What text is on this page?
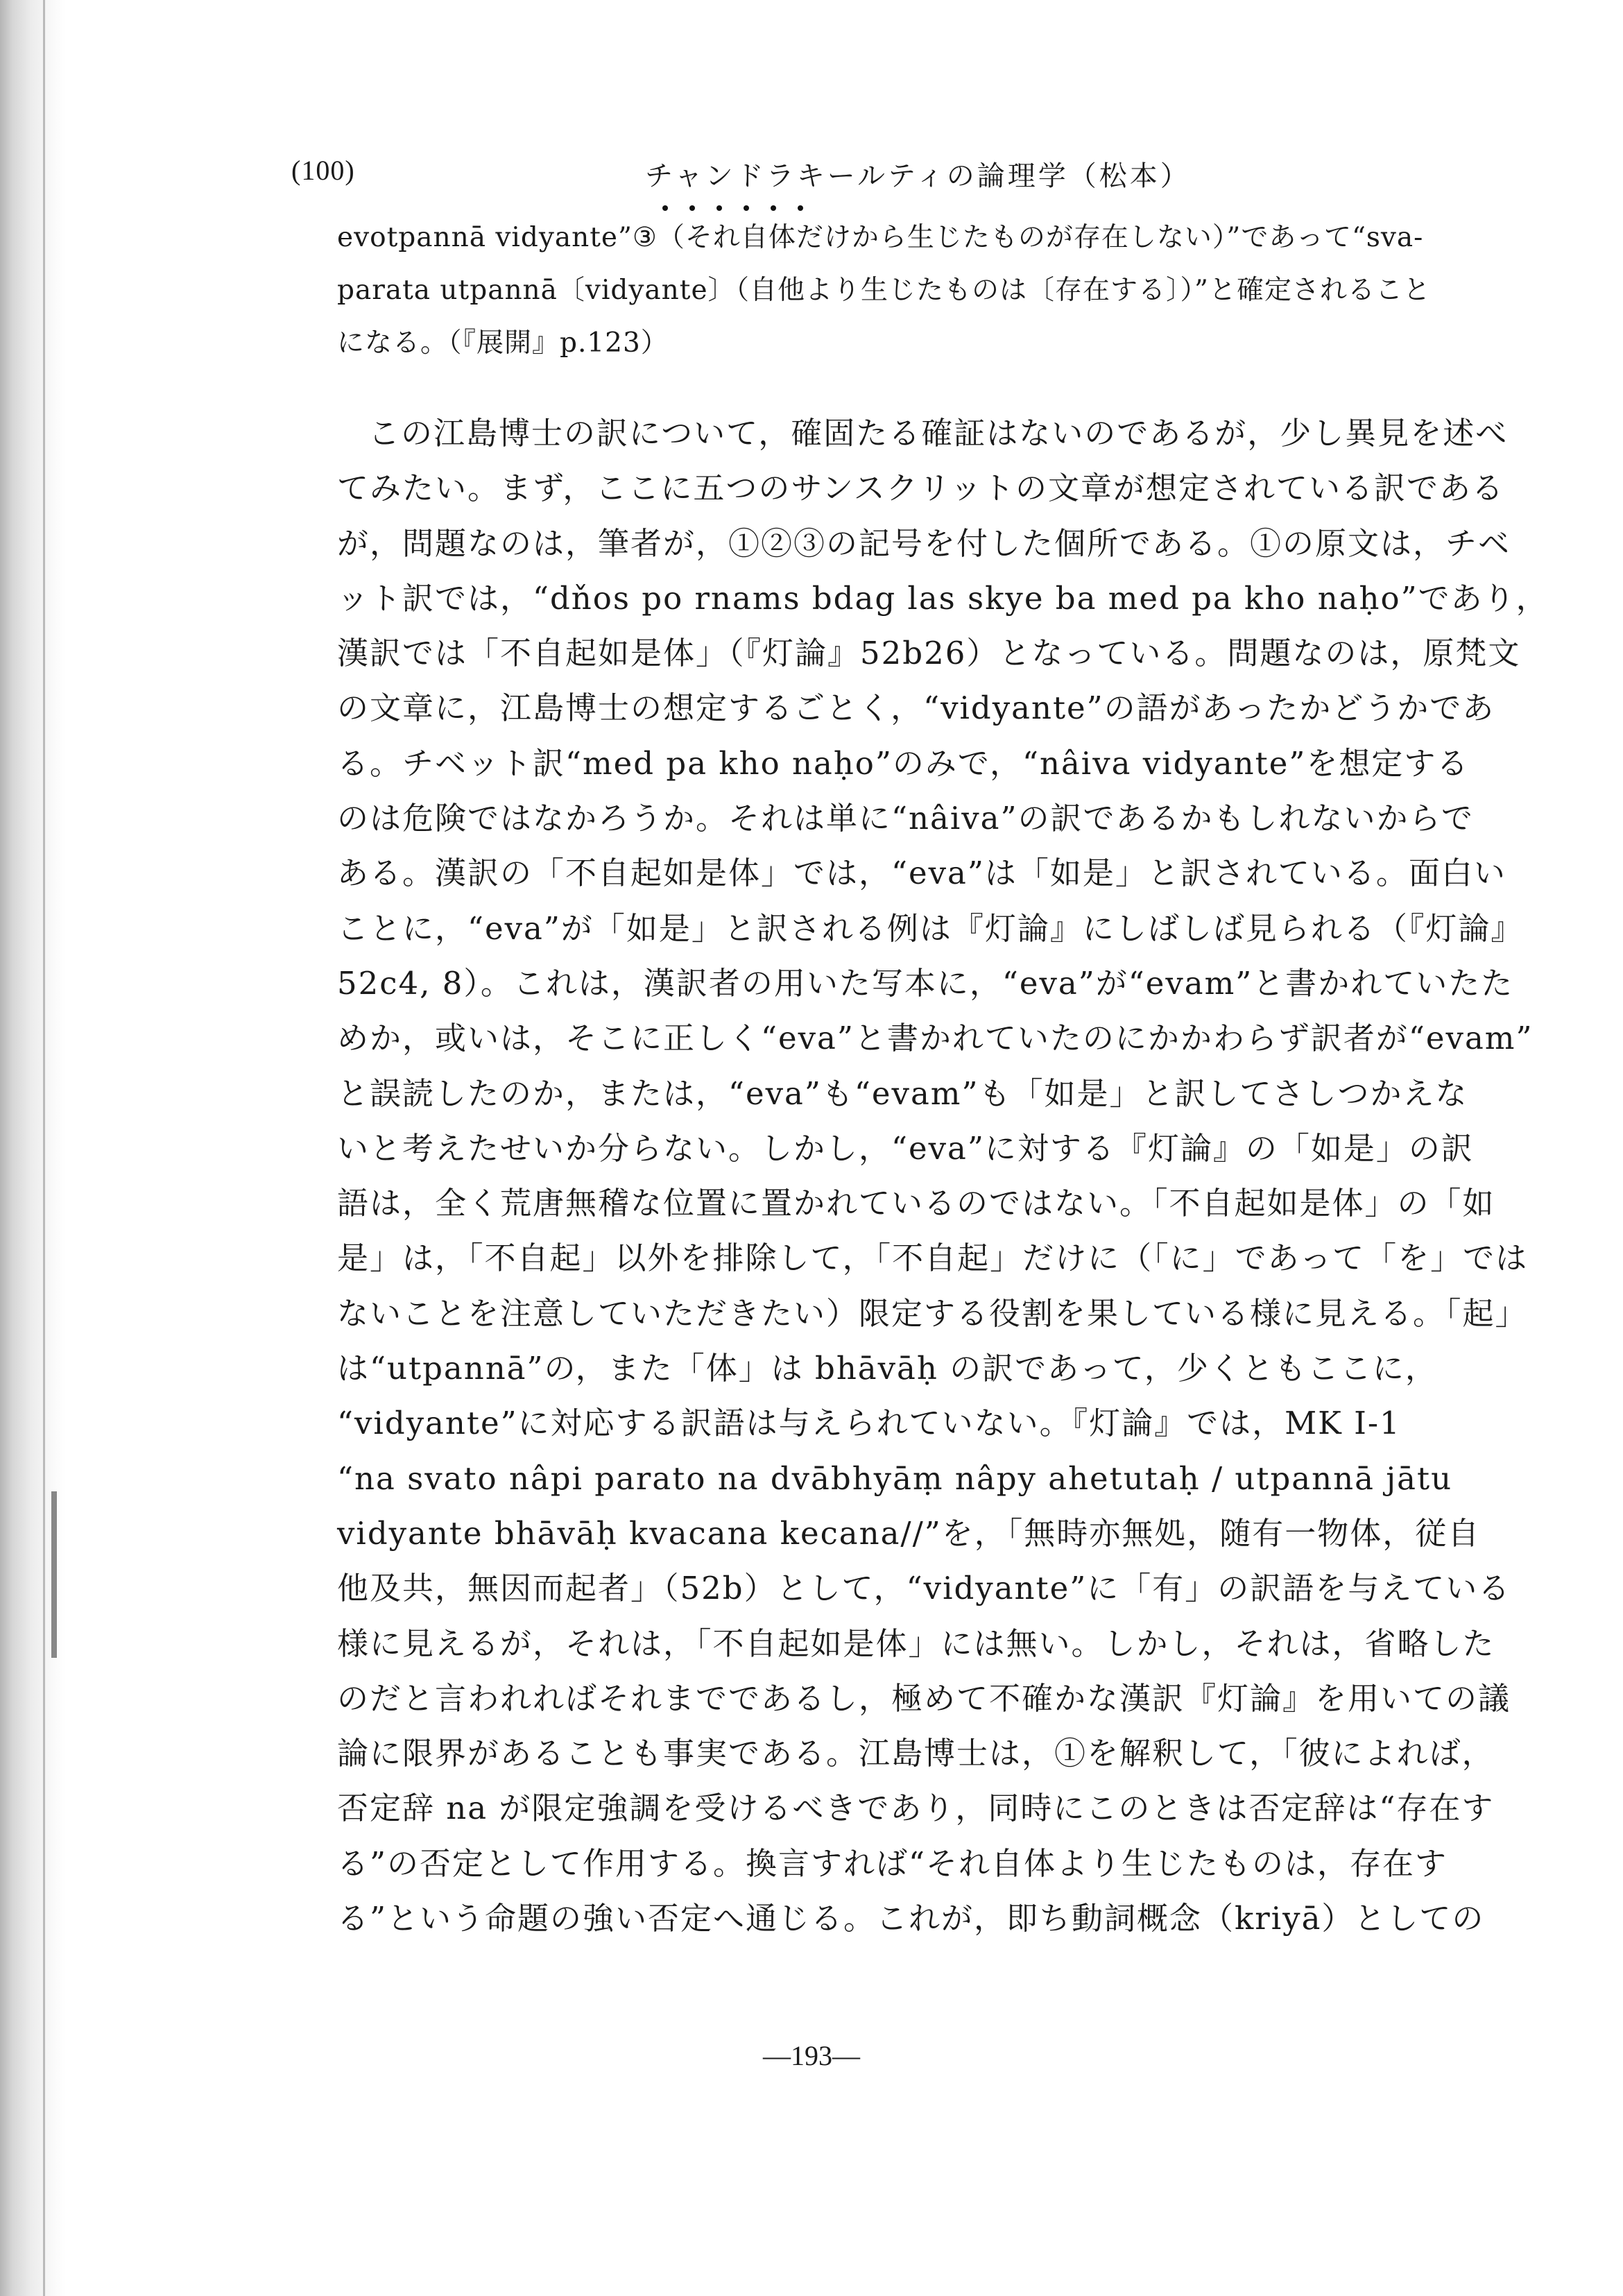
(100)	チャンドラキールティの論理学（松本）

evotpannā vidyante”③（それ自体だけから生じたものが存在しない）”であって“sva-

parata utpannā〔vidyante〕（自他より生じたものは〔存在する〕）”と確定されること

になる。（『展開』p.123）

この江島博士の訳について，確固たる確証はないのであるが，少し異見を述べ

てみたい。まず，ここに五つのサンスクリットの文章が想定されている訳である

が，問題なのは，筆者が，①②③の記号を付した個所である。①の原文は，チベ

ット訳では，“dňos po rnams bdag las skye ba med pa kho naḥo”であり，

漢訳では「不自起如是体」（『灯論』52b26）となっている。問題なのは，原梵文

の文章に，江島博士の想定するごとく，“vidyante”の語があったかどうかであ

る。チベット訳“med pa kho naḥo”のみで，“nâiva vidyante”を想定する

のは危険ではなかろうか。それは単に“nâiva”の訳であるかもしれないからで

ある。漢訳の「不自起如是体」では，“eva”は「如是」と訳されている。面白い

ことに，“eva”が「如是」と訳される例は『灯論』にしばしば見られる（『灯論』

52c4, 8）。これは，漢訳者の用いた写本に，“eva”が“evam”と書かれていたた

めか，或いは，そこに正しく“eva”と書かれていたのにかかわらず訳者が“evam”

と誤読したのか，または，“eva”も“evam”も「如是」と訳してさしつかえな

いと考えたせいか分らない。しかし，“eva”に対する『灯論』の「如是」の訳

語は，全く荒唐無稽な位置に置かれているのではない。「不自起如是体」の「如

是」は，「不自起」以外を排除して，「不自起」だけに（「に」であって「を」では

ないことを注意していただきたい）限定する役割を果している様に見える。「起」

は“utpannā”の，また「体」は bhāvāḥ の訳であって，少くともここに，

“vidyante”に対応する訳語は与えられていない。『灯論』では，MK I-1

“na svato nâpi parato na dvābhyāṃ nâpy ahetutaḥ / utpannā jātu

vidyante bhāvāḥ kvacana kecana//”を，「無時亦無処，随有一物体，従自

他及共，無因而起者」（52b）として，“vidyante”に「有」の訳語を与えている

様に見えるが，それは，「不自起如是体」には無い。しかし，それは，省略した

のだと言われればそれまでであるし，極めて不確かな漢訳『灯論』を用いての議

論に限界があることも事実である。江島博士は，①を解釈して，「彼によれば，

否定辞 na が限定強調を受けるべきであり，同時にこのときは否定辞は“存在す

る”の否定として作用する。換言すれば“それ自体より生じたものは，存在す

る”という命題の強い否定へ通じる。これが，即ち動詞概念（kriyā）としての

—193—
